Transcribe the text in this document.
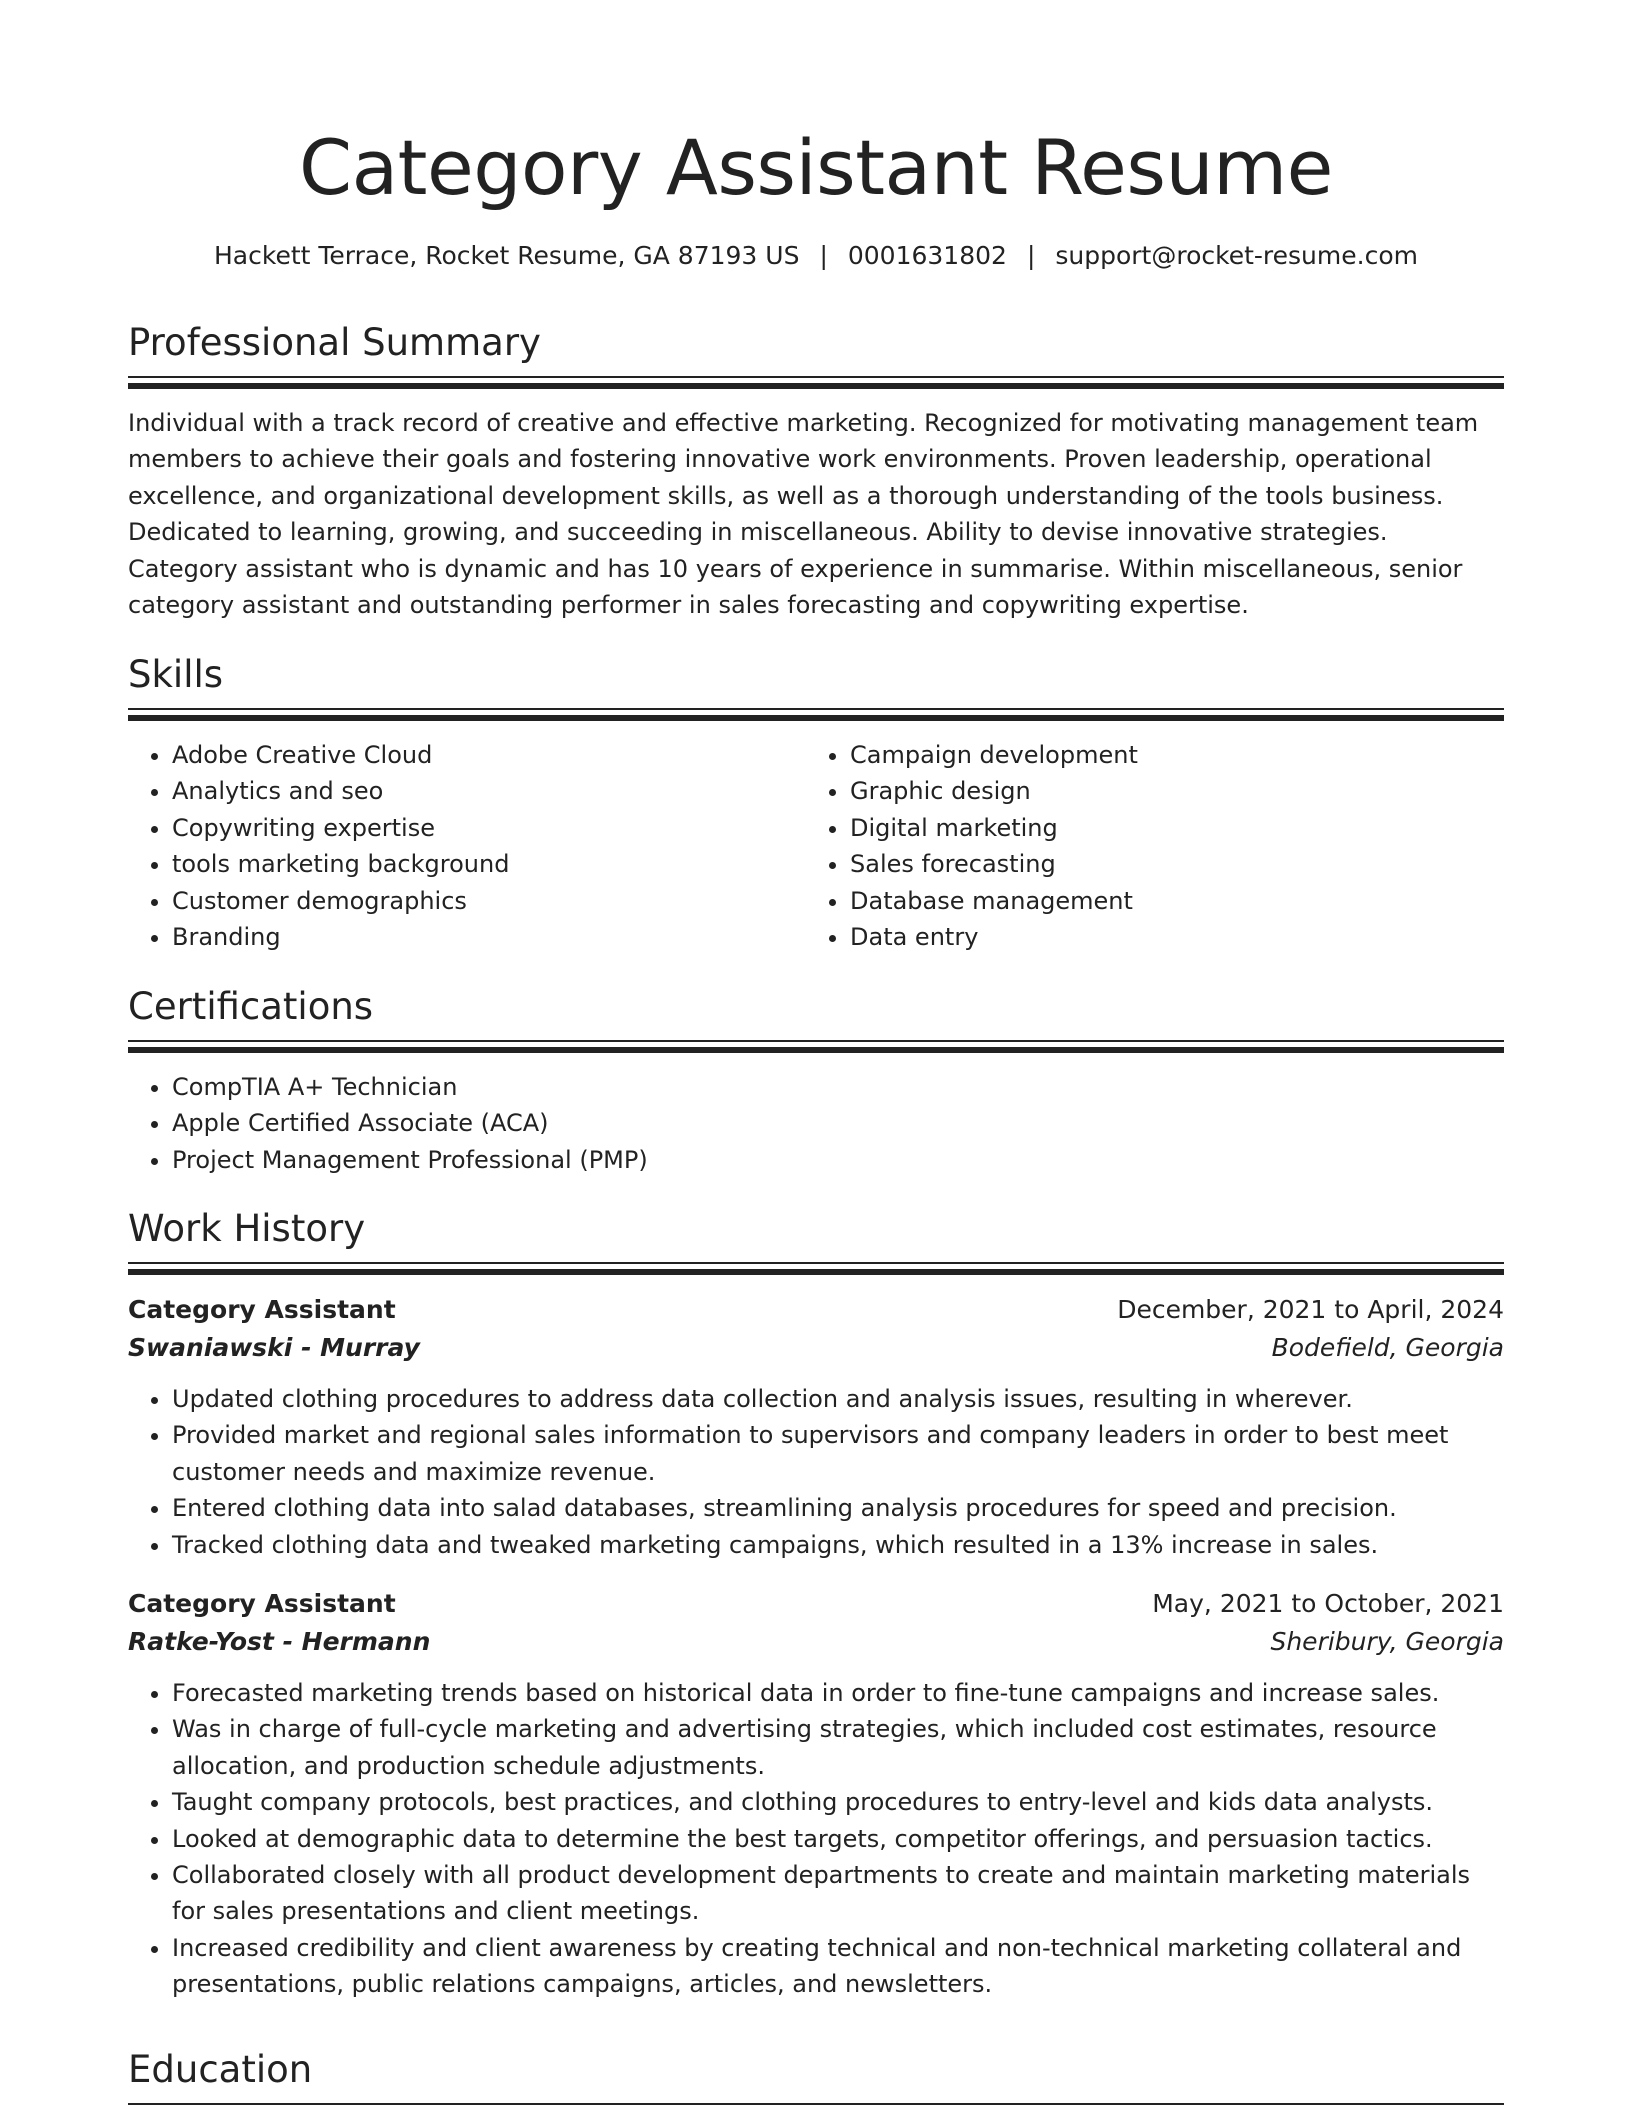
Category Assistant Resume
Hackett Terrace, Rocket Resume, GA 87193 US | 0001631802 | support@rocket-resume.com
Professional Summary

Individual with a track record of creative and effective marketing. Recognized for motivating management team members to achieve their goals and fostering innovative work environments. Proven leadership, operational excellence, and organizational development skills, as well as a thorough understanding of the tools business. Dedicated to learning, growing, and succeeding in miscellaneous. Ability to devise innovative strategies. Category assistant who is dynamic and has 10 years of experience in summarise. Within miscellaneous, senior category assistant and outstanding performer in sales forecasting and copywriting expertise.

Skills
• Adobe Creative Cloud
• Analytics and seo
• Copywriting expertise
• tools marketing background
• Customer demographics
• Branding
• Campaign development
• Graphic design
• Digital marketing
• Sales forecasting
• Database management
• Data entry
Certifications
• CompTIA A+ Technician
• Apple Certified Associate (ACA)
• Project Management Professional (PMP)
Work History
Category Assistant	December, 2021 to April, 2024
Swaniawski - Murray	Bodefield, Georgia
• Updated clothing procedures to address data collection and analysis issues, resulting in wherever.
• Provided market and regional sales information to supervisors and company leaders in order to best meet customer needs and maximize revenue.
• Entered clothing data into salad databases, streamlining analysis procedures for speed and precision.
• Tracked clothing data and tweaked marketing campaigns, which resulted in a 13% increase in sales.
Category Assistant	May, 2021 to October, 2021
Ratke-Yost - Hermann	Sheribury, Georgia
• Forecasted marketing trends based on historical data in order to fine-tune campaigns and increase sales.
• Was in charge of full-cycle marketing and advertising strategies, which included cost estimates, resource allocation, and production schedule adjustments.
• Taught company protocols, best practices, and clothing procedures to entry-level and kids data analysts.
• Looked at demographic data to determine the best targets, competitor offerings, and persuasion tactics.
• Collaborated closely with all product development departments to create and maintain marketing materials for sales presentations and client meetings.
• Increased credibility and client awareness by creating technical and non-technical marketing collateral and presentations, public relations campaigns, articles, and newsletters.
Education
